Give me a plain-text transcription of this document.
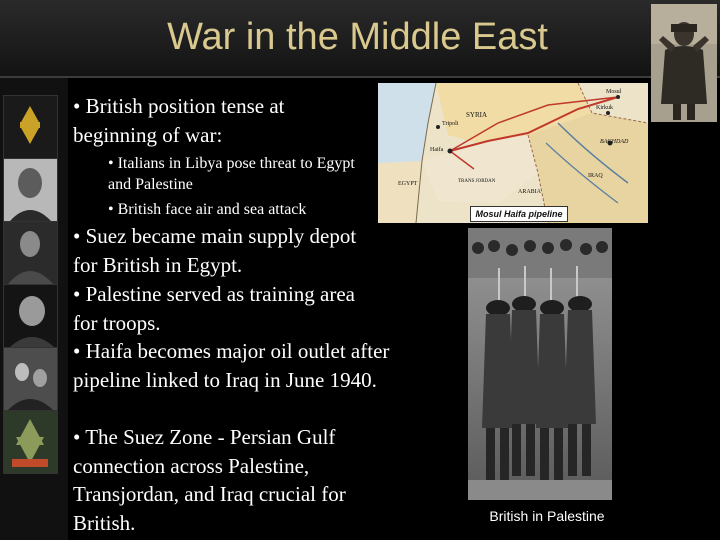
War in the Middle East
• British position tense at beginning of war:
• Italians in Libya pose threat to Egypt and Palestine
• British face air and sea attack
• Suez became main supply depot for British in Egypt.
• Palestine served as training area for troops.
• Haifa becomes major oil outlet after pipeline linked to Iraq in June 1940.
• The Suez Zone - Persian Gulf connection across Palestine, Transjordan, and Iraq crucial for British.
Tripoli
SYRIA
Haifa
BAGHDAD
IRAQ
EGYPT
ARABIA
Mosul
Kirkuk
TRANS JORDAN
Mosul Haifa pipeline
British in Palestine
